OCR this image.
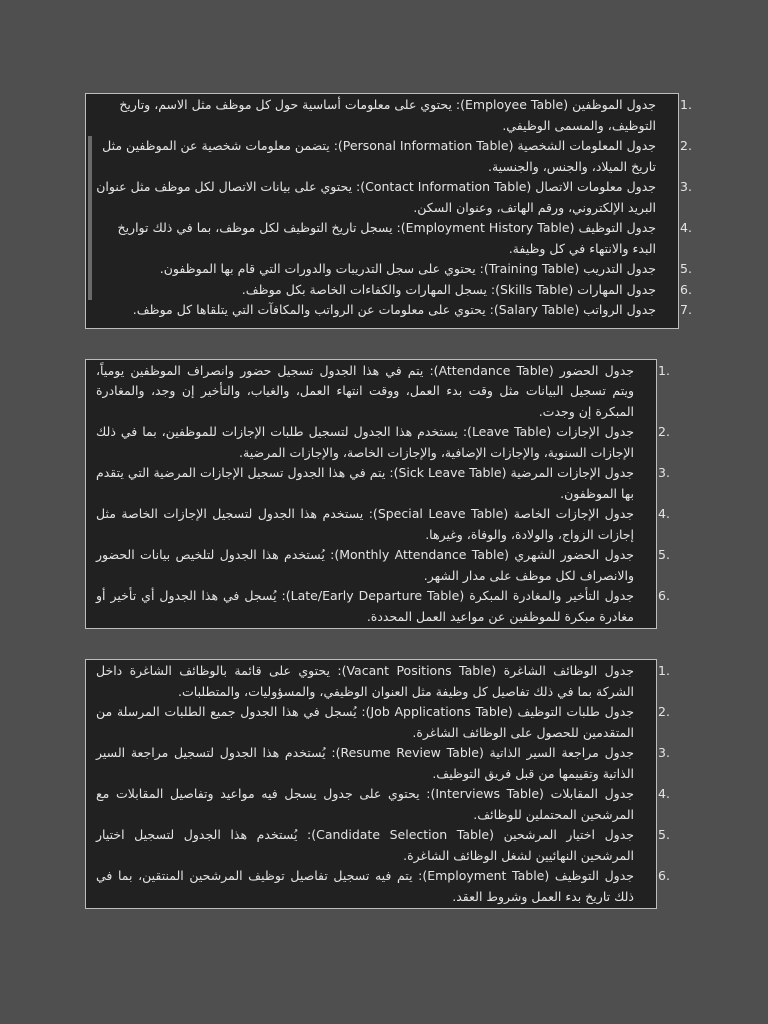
1.
جدول الموظفين (Employee Table): يحتوي على معلومات أساسية حول كل موظف مثل الاسم، وتاريخ التوظيف، والمسمى الوظيفي.
2.
جدول المعلومات الشخصية (Personal Information Table): يتضمن معلومات شخصية عن الموظفين مثل تاريخ الميلاد، والجنس، والجنسية.
3.
جدول معلومات الاتصال (Contact Information Table): يحتوي على بيانات الاتصال لكل موظف مثل عنوان البريد الإلكتروني، ورقم الهاتف، وعنوان السكن.
4.
جدول التوظيف (Employment History Table): يسجل تاريخ التوظيف لكل موظف، بما في ذلك تواريخ البدء والانتهاء في كل وظيفة.
5.
جدول التدريب (Training Table): يحتوي على سجل التدريبات والدورات التي قام بها الموظفون.
6.
جدول المهارات (Skills Table): يسجل المهارات والكفاءات الخاصة بكل موظف.
7.
جدول الرواتب (Salary Table): يحتوي على معلومات عن الرواتب والمكافآت التي يتلقاها كل موظف.
1.
جدول الحضور (Attendance Table): يتم في هذا الجدول تسجيل حضور وانصراف الموظفين يومياً، ويتم تسجيل البيانات مثل وقت بدء العمل، ووقت انتهاء العمل، والغياب، والتأخير إن وجد، والمغادرة المبكرة إن وجدت.
2.
جدول الإجازات (Leave Table): يستخدم هذا الجدول لتسجيل طلبات الإجازات للموظفين، بما في ذلك الإجازات السنوية، والإجازات الإضافية، والإجازات الخاصة، والإجازات المرضية.
3.
جدول الإجازات المرضية (Sick Leave Table): يتم في هذا الجدول تسجيل الإجازات المرضية التي يتقدم بها الموظفون.
4.
جدول الإجازات الخاصة (Special Leave Table): يستخدم هذا الجدول لتسجيل الإجازات الخاصة مثل إجازات الزواج، والولادة، والوفاة، وغيرها.
5.
جدول الحضور الشهري (Monthly Attendance Table): يُستخدم هذا الجدول لتلخيص بيانات الحضور والانصراف لكل موظف على مدار الشهر.
6.
جدول التأخير والمغادرة المبكرة (Late/Early Departure Table): يُسجل في هذا الجدول أي تأخير أو مغادرة مبكرة للموظفين عن مواعيد العمل المحددة.
1.
جدول الوظائف الشاغرة (Vacant Positions Table): يحتوي على قائمة بالوظائف الشاغرة داخل الشركة بما في ذلك تفاصيل كل وظيفة مثل العنوان الوظيفي، والمسؤوليات، والمتطلبات.
2.
جدول طلبات التوظيف (Job Applications Table): يُسجل في هذا الجدول جميع الطلبات المرسلة من المتقدمين للحصول على الوظائف الشاغرة.
3.
جدول مراجعة السير الذاتية (Resume Review Table): يُستخدم هذا الجدول لتسجيل مراجعة السير الذاتية وتقييمها من قبل فريق التوظيف.
4.
جدول المقابلات (Interviews Table): يحتوي على جدول يسجل فيه مواعيد وتفاصيل المقابلات مع المرشحين المحتملين للوظائف.
5.
جدول اختيار المرشحين (Candidate Selection Table): يُستخدم هذا الجدول لتسجيل اختيار المرشحين النهائيين لشغل الوظائف الشاغرة.
6.
جدول التوظيف (Employment Table): يتم فيه تسجيل تفاصيل توظيف المرشحين المنتقين، بما في ذلك تاريخ بدء العمل وشروط العقد.
